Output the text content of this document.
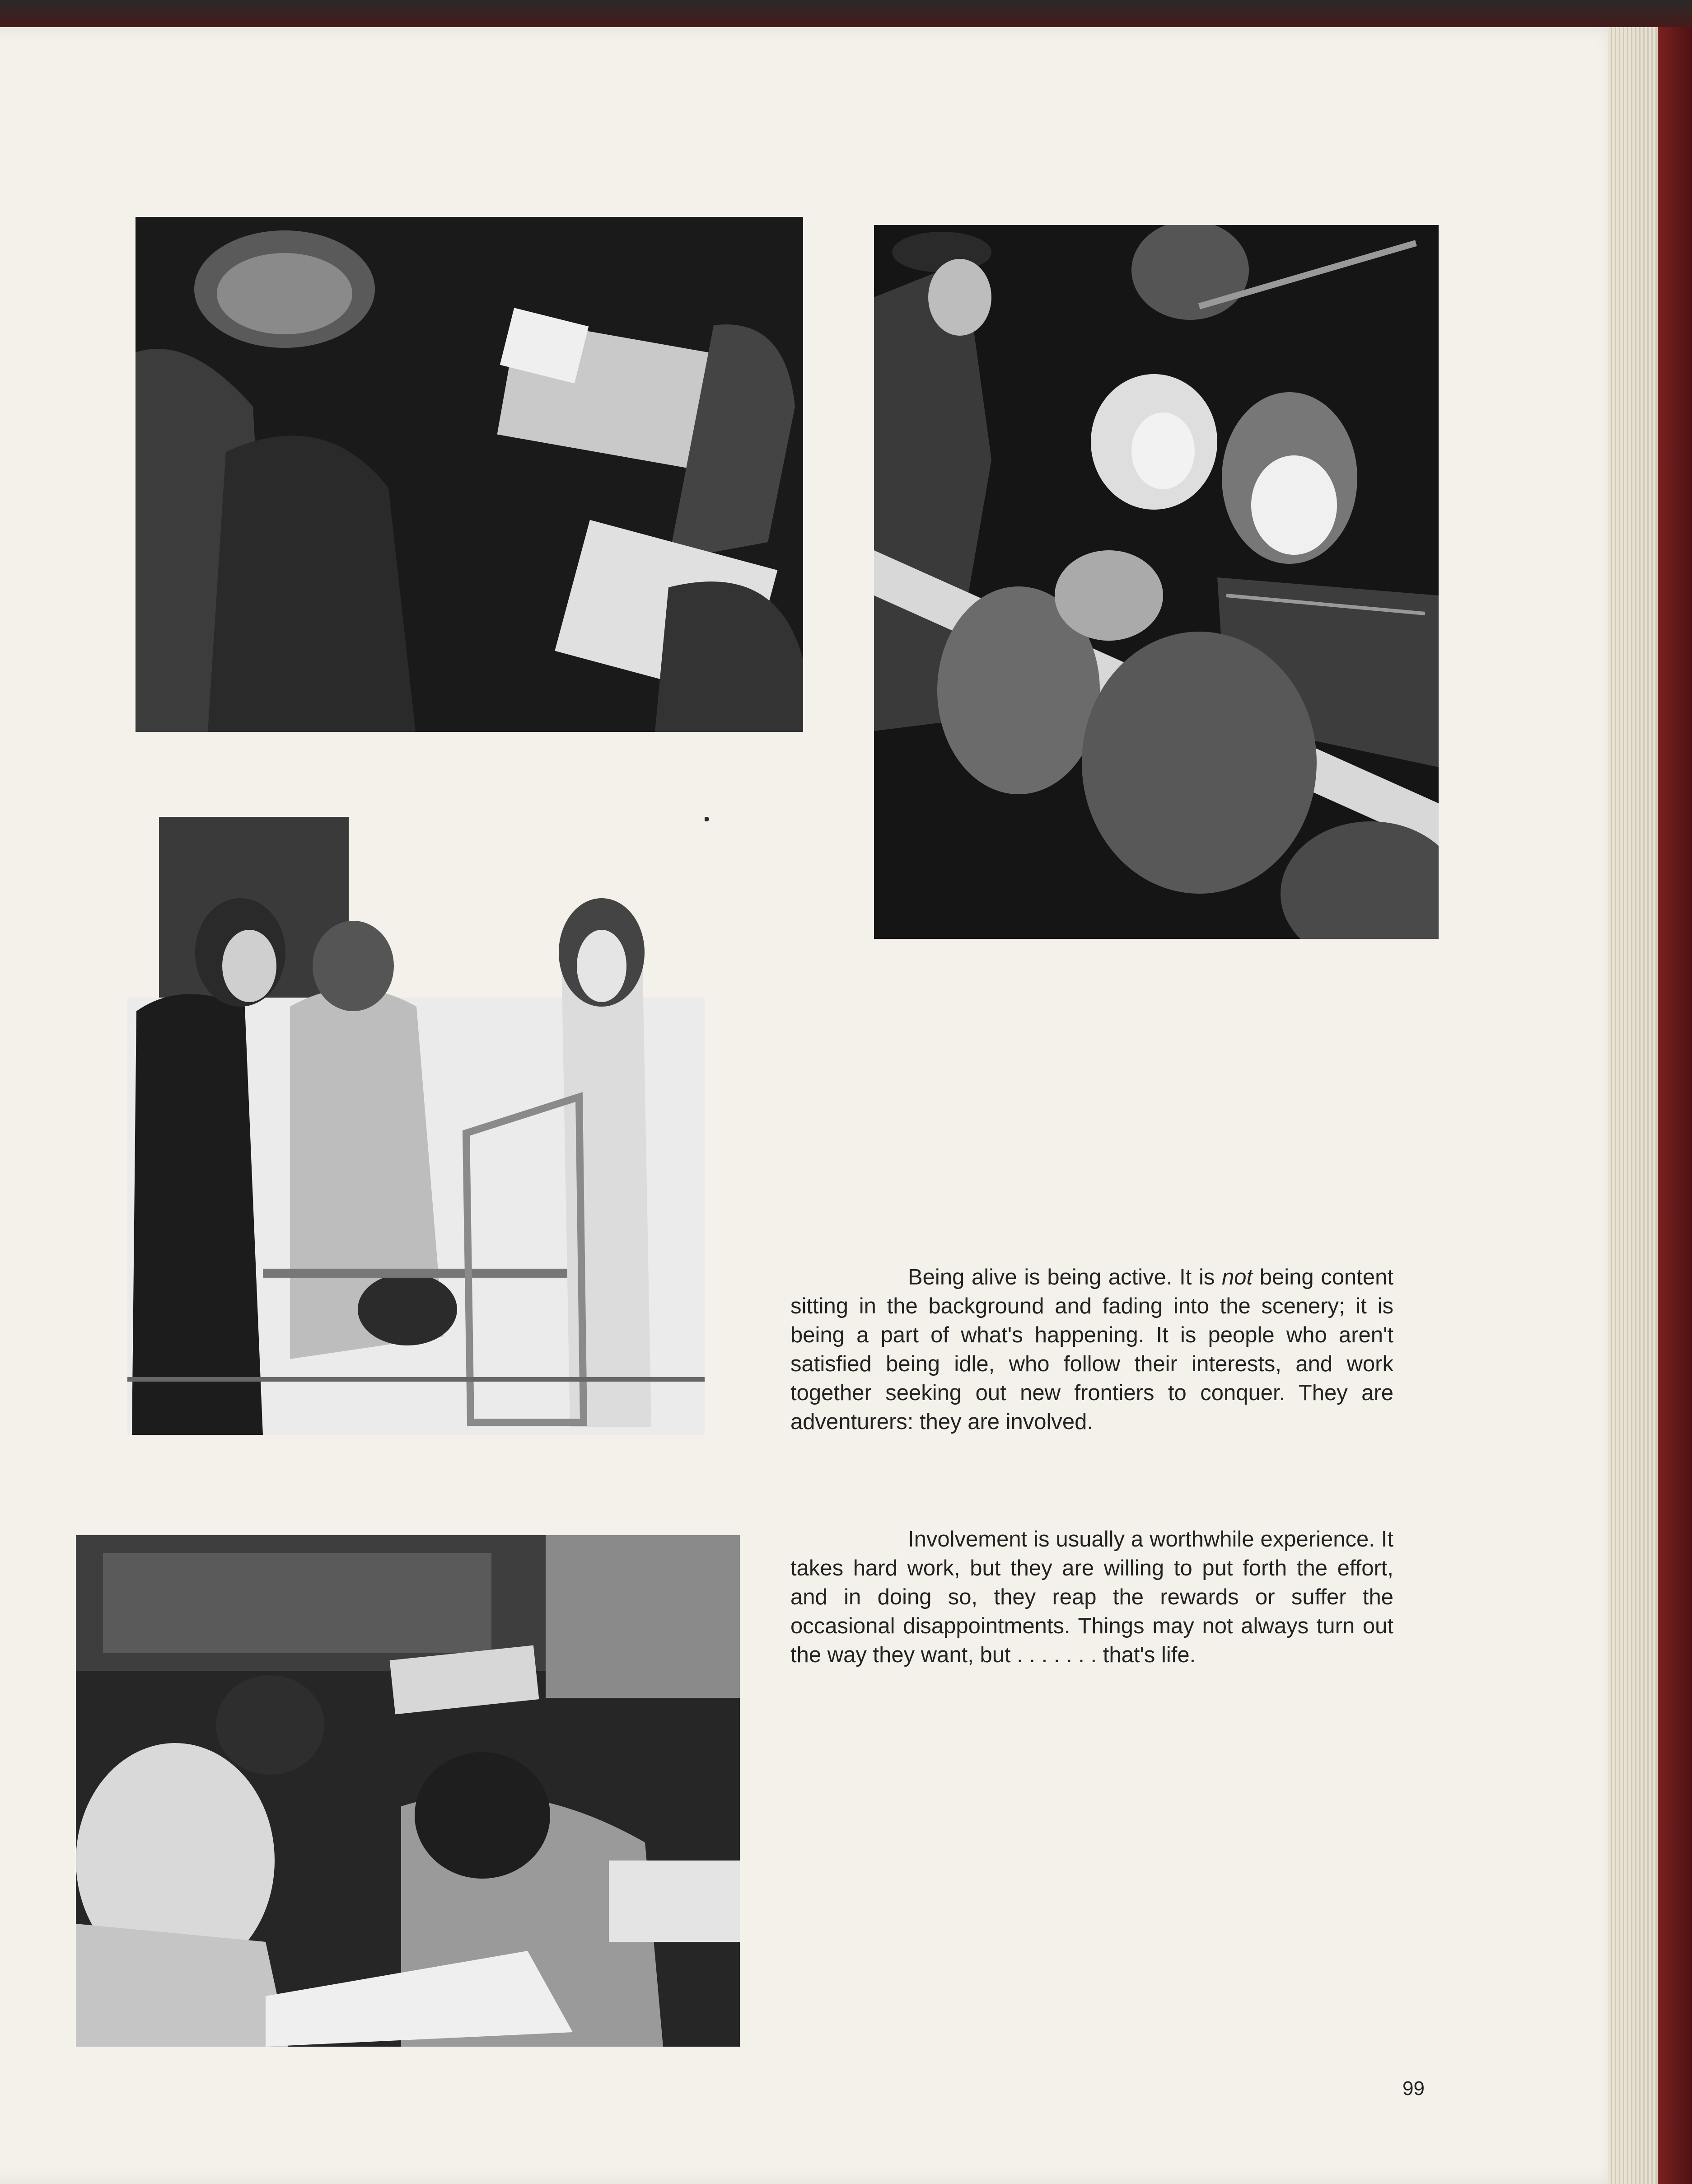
Being alive is being active. It is not being content sitting in the background and fading into the scenery; it is being a part of what's happening. It is people who aren't satisfied being idle, who follow their interests, and work together seeking out new frontiers to conquer. They are adventurers: they are involved.

Involvement is usually a worthwhile experience. It takes hard work, but they are willing to put forth the effort, and in doing so, they reap the rewards or suffer the occasional disappointments. Things may not always turn out the way they want, but . . . . . . . that's life.

99
